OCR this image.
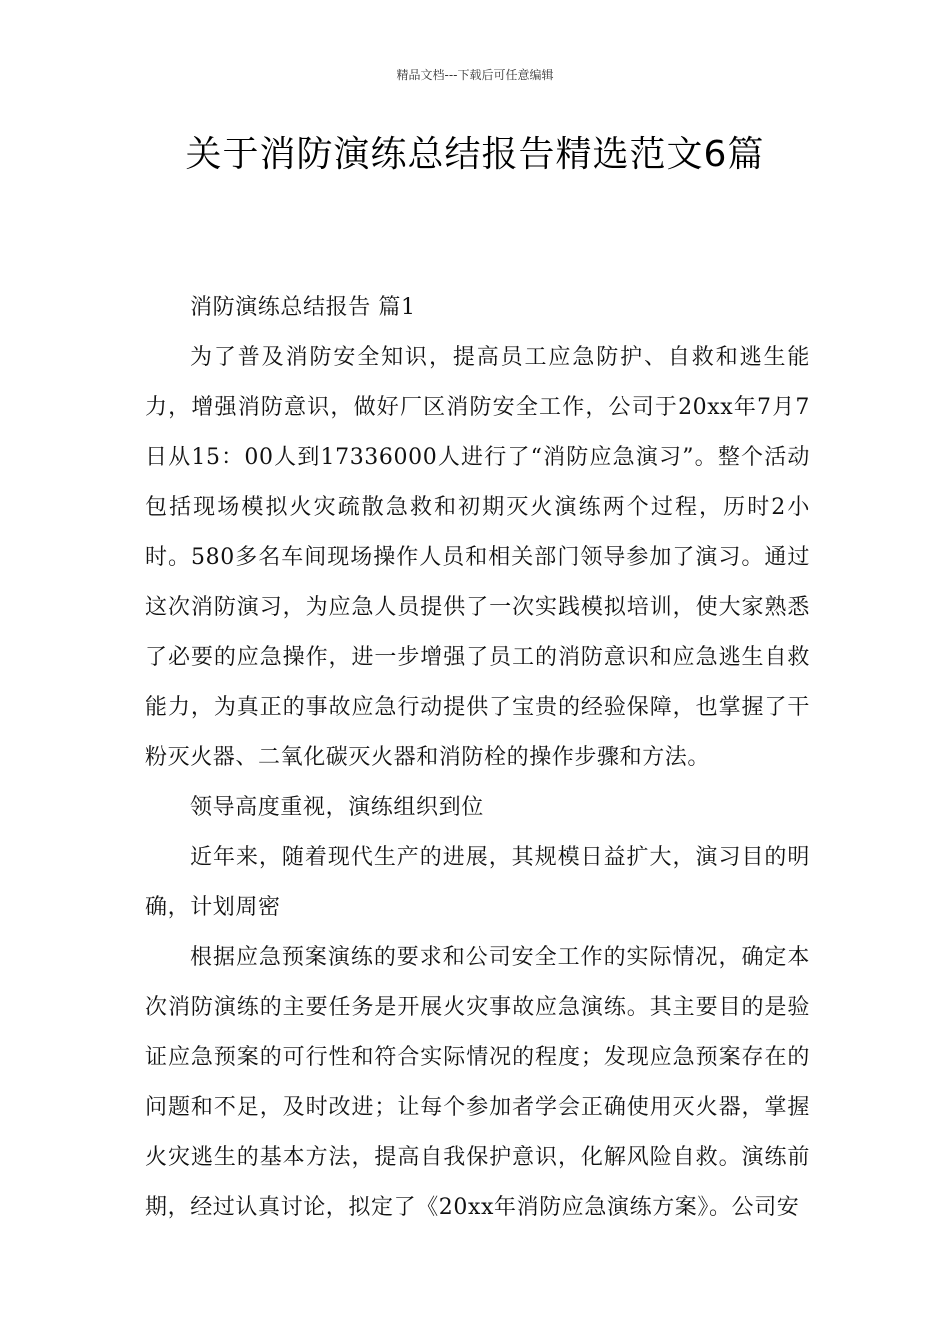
精品文档---下载后可任意编辑
关于消防演练总结报告精选范文6篇

消防演练总结报告 篇1

为了普及消防安全知识，提高员工应急防护、自救和逃生能力，增强消防意识，做好厂区消防安全工作，公司于20xx年7月7日从15：00人到17336000人进行了“消防应急演习”。整个活动包括现场模拟火灾疏散急救和初期灭火演练两个过程，历时2小时。580多名车间现场操作人员和相关部门领导参加了演习。通过这次消防演习，为应急人员提供了一次实践模拟培训，使大家熟悉了必要的应急操作，进一步增强了员工的消防意识和应急逃生自救能力，为真正的事故应急行动提供了宝贵的经验保障，也掌握了干粉灭火器、二氧化碳灭火器和消防栓的操作步骤和方法。

领导高度重视，演练组织到位

近年来，随着现代生产的进展，其规模日益扩大，演习目的明确，计划周密

根据应急预案演练的要求和公司安全工作的实际情况，确定本次消防演练的主要任务是开展火灾事故应急演练。其主要目的是验证应急预案的可行性和符合实际情况的程度；发现应急预案存在的问题和不足，及时改进；让每个参加者学会正确使用灭火器，掌握火灾逃生的基本方法，提高自我保护意识，化解风险自救。演练前期，经过认真讨论，拟定了《20xx年消防应急演练方案》。公司安
